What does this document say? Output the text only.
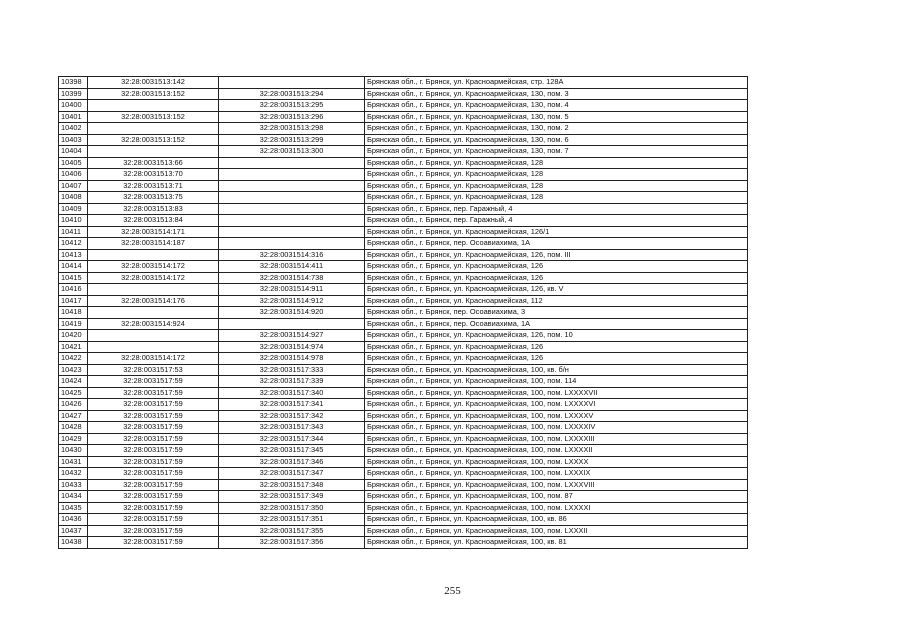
10398	32:28:0031513:142		Брянская обл., г. Брянск, ул. Красноармейская, стр. 128А
10399	32:28:0031513:152	32:28:0031513:294	Брянская обл., г. Брянск, ул. Красноармейская, 130, пом. 3
10400		32:28:0031513:295	Брянская обл., г. Брянск, ул. Красноармейская, 130, пом. 4
10401	32:28:0031513:152	32:28:0031513:296	Брянская обл., г. Брянск, ул. Красноармейская, 130, пом. 5
10402		32:28:0031513:298	Брянская обл., г. Брянск, ул. Красноармейская, 130, пом. 2
10403	32:28:0031513:152	32:28:0031513:299	Брянская обл., г. Брянск, ул. Красноармейская, 130, пом. 6
10404		32:28:0031513:300	Брянская обл., г. Брянск, ул. Красноармейская, 130, пом. 7
10405	32:28:0031513:66		Брянская обл., г. Брянск, ул. Красноармейская, 128
10406	32:28:0031513:70		Брянская обл., г. Брянск, ул. Красноармейская, 128
10407	32:28:0031513:71		Брянская обл., г. Брянск, ул. Красноармейская, 128
10408	32:28:0031513:75		Брянская обл., г. Брянск, ул. Красноармейская, 128
10409	32:28:0031513:83		Брянская обл., г. Брянск, пер. Гаражный, 4
10410	32:28:0031513:84		Брянская обл., г. Брянск, пер. Гаражный, 4
10411	32:28:0031514:171		Брянская обл., г. Брянск, ул. Красноармейская, 126/1
10412	32:28:0031514:187		Брянская обл., г. Брянск, пер. Осоавиахима, 1А
10413		32:28:0031514:316	Брянская обл., г. Брянск, ул. Красноармейская, 126, пом. III
10414	32:28:0031514:172	32:28:0031514:411	Брянская обл., г. Брянск, ул. Красноармейская, 126
10415	32:28:0031514:172	32:28:0031514:738	Брянская обл., г. Брянск, ул. Красноармейская, 126
10416		32:28:0031514:911	Брянская обл., г. Брянск, ул. Красноармейская, 126, кв. V
10417	32:28:0031514:176	32:28:0031514:912	Брянская обл., г. Брянск, ул. Красноармейская, 112
10418		32:28:0031514:920	Брянская обл., г. Брянск, пер. Осоавиахима, 3
10419	32:28:0031514:924		Брянская обл., г. Брянск, пер. Осоавиахима, 1А
10420		32:28:0031514:927	Брянская обл., г. Брянск, ул. Красноармейская, 126, пом. 10
10421		32:28:0031514:974	Брянская обл., г. Брянск, ул. Красноармейская, 126
10422	32:28:0031514:172	32:28:0031514:978	Брянская обл., г. Брянск, ул. Красноармейская, 126
10423	32:28:0031517:53	32:28:0031517:333	Брянская обл., г. Брянск, ул. Красноармейская, 100, кв. б/н
10424	32:28:0031517:59	32:28:0031517:339	Брянская обл., г. Брянск, ул. Красноармейская, 100, пом. 114
10425	32:28:0031517:59	32:28:0031517:340	Брянская обл., г. Брянск, ул. Красноармейская, 100, пом. LXXXXVII
10426	32:28:0031517:59	32:28:0031517:341	Брянская обл., г. Брянск, ул. Красноармейская, 100, пом. LXXXXVI
10427	32:28:0031517:59	32:28:0031517:342	Брянская обл., г. Брянск, ул. Красноармейская, 100, пом. LXXXXV
10428	32:28:0031517:59	32:28:0031517:343	Брянская обл., г. Брянск, ул. Красноармейская, 100, пом. LXXXXIV
10429	32:28:0031517:59	32:28:0031517:344	Брянская обл., г. Брянск, ул. Красноармейская, 100, пом. LXXXXIII
10430	32:28:0031517:59	32:28:0031517:345	Брянская обл., г. Брянск, ул. Красноармейская, 100, пом. LXXXXII
10431	32:28:0031517:59	32:28:0031517:346	Брянская обл., г. Брянск, ул. Красноармейская, 100, пом. LXXXX
10432	32:28:0031517:59	32:28:0031517:347	Брянская обл., г. Брянск, ул. Красноармейская, 100, пом. LXXXIX
10433	32:28:0031517:59	32:28:0031517:348	Брянская обл., г. Брянск, ул. Красноармейская, 100, пом. LXXXVIII
10434	32:28:0031517:59	32:28:0031517:349	Брянская обл., г. Брянск, ул. Красноармейская, 100, пом. 87
10435	32:28:0031517:59	32:28:0031517:350	Брянская обл., г. Брянск, ул. Красноармейская, 100, пом. LXXXXI
10436	32:28:0031517:59	32:28:0031517:351	Брянская обл., г. Брянск, ул. Красноармейская, 100, кв. 86
10437	32:28:0031517:59	32:28:0031517:355	Брянская обл., г. Брянск, ул. Красноармейская, 100, пом. LXXXII
10438	32:28:0031517:59	32:28:0031517:356	Брянская обл., г. Брянск, ул. Красноармейская, 100, кв. 81
255
